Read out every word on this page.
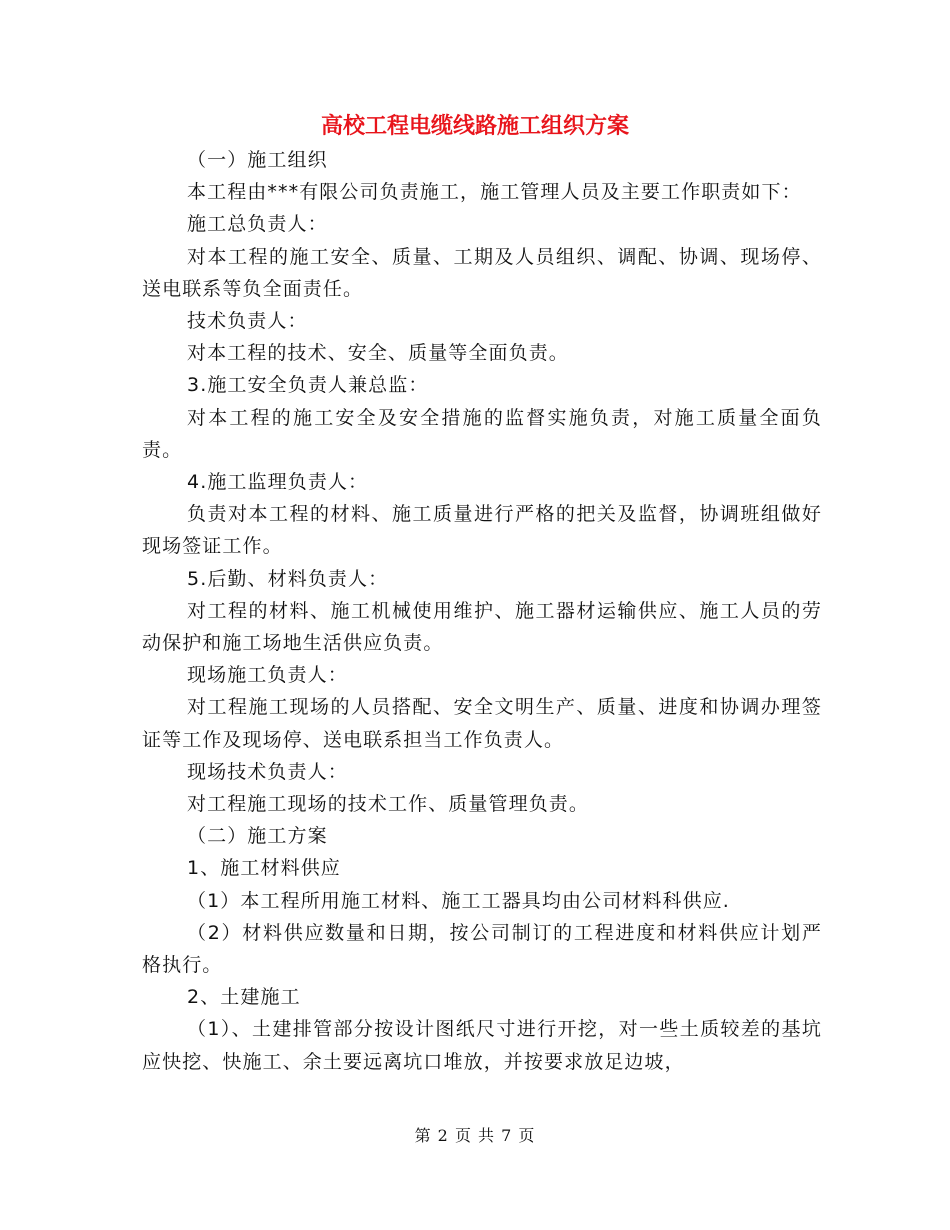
高校工程电缆线路施工组织方案

（一）施工组织

本工程由***有限公司负责施工，施工管理人员及主要工作职责如下：

施工总负责人：

对本工程的施工安全、质量、工期及人员组织、调配、协调、现场停、送电联系等负全面责任。

技术负责人：

对本工程的技术、安全、质量等全面负责。

3.施工安全负责人兼总监：

对本工程的施工安全及安全措施的监督实施负责，对施工质量全面负责。

4.施工监理负责人：

负责对本工程的材料、施工质量进行严格的把关及监督，协调班组做好现场签证工作。

5.后勤、材料负责人：

对工程的材料、施工机械使用维护、施工器材运输供应、施工人员的劳动保护和施工场地生活供应负责。

现场施工负责人：

对工程施工现场的人员搭配、安全文明生产、质量、进度和协调办理签证等工作及现场停、送电联系担当工作负责人。

现场技术负责人：

对工程施工现场的技术工作、质量管理负责。

（二）施工方案

1、施工材料供应

（1）本工程所用施工材料、施工工器具均由公司材料科供应.

（2）材料供应数量和日期，按公司制订的工程进度和材料供应计划严格执行。

2、土建施工

（1）、土建排管部分按设计图纸尺寸进行开挖，对一些土质较差的基坑应快挖、快施工、余土要远离坑口堆放，并按要求放足边坡，

第 2 页 共 7 页
